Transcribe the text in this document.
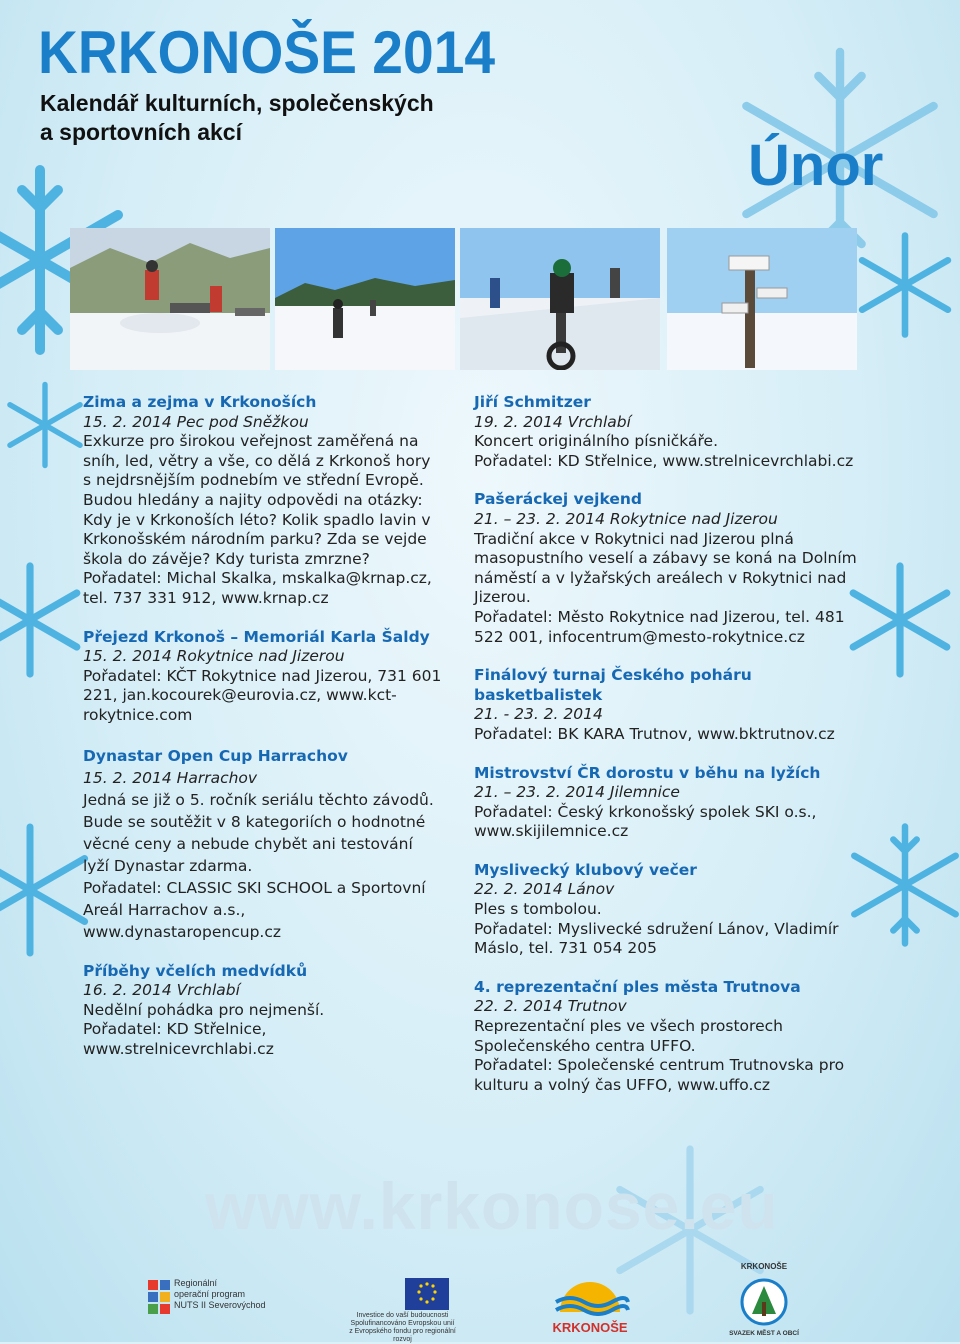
KRKONOŠE 2014
Kalendář kulturních, společenských
a sportovních akcí
Únor

Zima a zejma v Krkonoších

15. 2. 2014 Pec pod Sněžkou

Exkurze pro širokou veřejnost zaměřená na sníh, led, větry a vše, co dělá z Krkonoš hory s nejdrsnějším podnebím ve střední Evropě. Budou hledány a najity odpovědi na otázky: Kdy je v Krkonoších léto? Kolik spadlo lavin v Krkonošském národním parku? Zda se vejde škola do závěje? Kdy turista zmrzne?

Pořadatel: Michal Skalka, mskalka@krnap.cz, tel. 737 331 912, www.krnap.cz

Přejezd Krkonoš – Memoriál Karla Šaldy

15. 2. 2014 Rokytnice nad Jizerou

Pořadatel: KČT Rokytnice nad Jizerou, 731 601 221, jan.kocourek@eurovia.cz, www.kct-rokytnice.com

Dynastar Open Cup Harrachov

15. 2. 2014 Harrachov

Jedná se již o 5. ročník seriálu těchto závodů. Bude se soutěžit v 8 kategoriích o hodnotné věcné ceny a nebude chybět ani testování lyží Dynastar zdarma.

Pořadatel: CLASSIC SKI SCHOOL a Sportovní Areál Harrachov a.s., www.dynastaropencup.cz

Příběhy včelích medvídků

16. 2. 2014 Vrchlabí

Nedělní pohádka pro nejmenší.

Pořadatel: KD Střelnice, www.strelnicevrchlabi.cz

Jiří Schmitzer

19. 2. 2014 Vrchlabí

Koncert originálního písničkáře.

Pořadatel: KD Střelnice, www.strelnicevrchlabi.cz

Pašeráckej vejkend

21. – 23. 2. 2014 Rokytnice nad Jizerou

Tradiční akce v Rokytnici nad Jizerou plná masopustního veselí a zábavy se koná na Dolním náměstí a v lyžařských areálech v Rokytnici nad Jizerou.

Pořadatel: Město Rokytnice nad Jizerou, tel. 481 522 001, infocentrum@mesto-rokytnice.cz

Finálový turnaj Českého poháru basketbalistek

21. - 23. 2. 2014

Pořadatel: BK KARA Trutnov, www.bktrutnov.cz

Mistrovství ČR dorostu v běhu na lyžích

21. – 23. 2. 2014 Jilemnice

Pořadatel: Český krkonošský spolek SKI o.s., www.skijilemnice.cz

Myslivecký klubový večer

22. 2. 2014 Lánov

Ples s tombolou.

Pořadatel: Myslivecké sdružení Lánov, Vladimír Máslo, tel. 731 054 205

4. reprezentační ples města Trutnova

22. 2. 2014 Trutnov

Reprezentační ples ve všech prostorech Společenského centra UFFO.

Pořadatel: Společenské centrum Trutnovska pro kulturu a volný čas UFFO, www.uffo.cz

www.krkonose.eu
Regionální
operační program
NUTS II Severovýchod
Investice do vaší budoucnosti
Spolufinancováno Evropskou unií
z Evropského fondu pro regionální rozvoj
KRKONOŠE
KRKONOŠE
SVAZEK MĚST A OBCÍ
